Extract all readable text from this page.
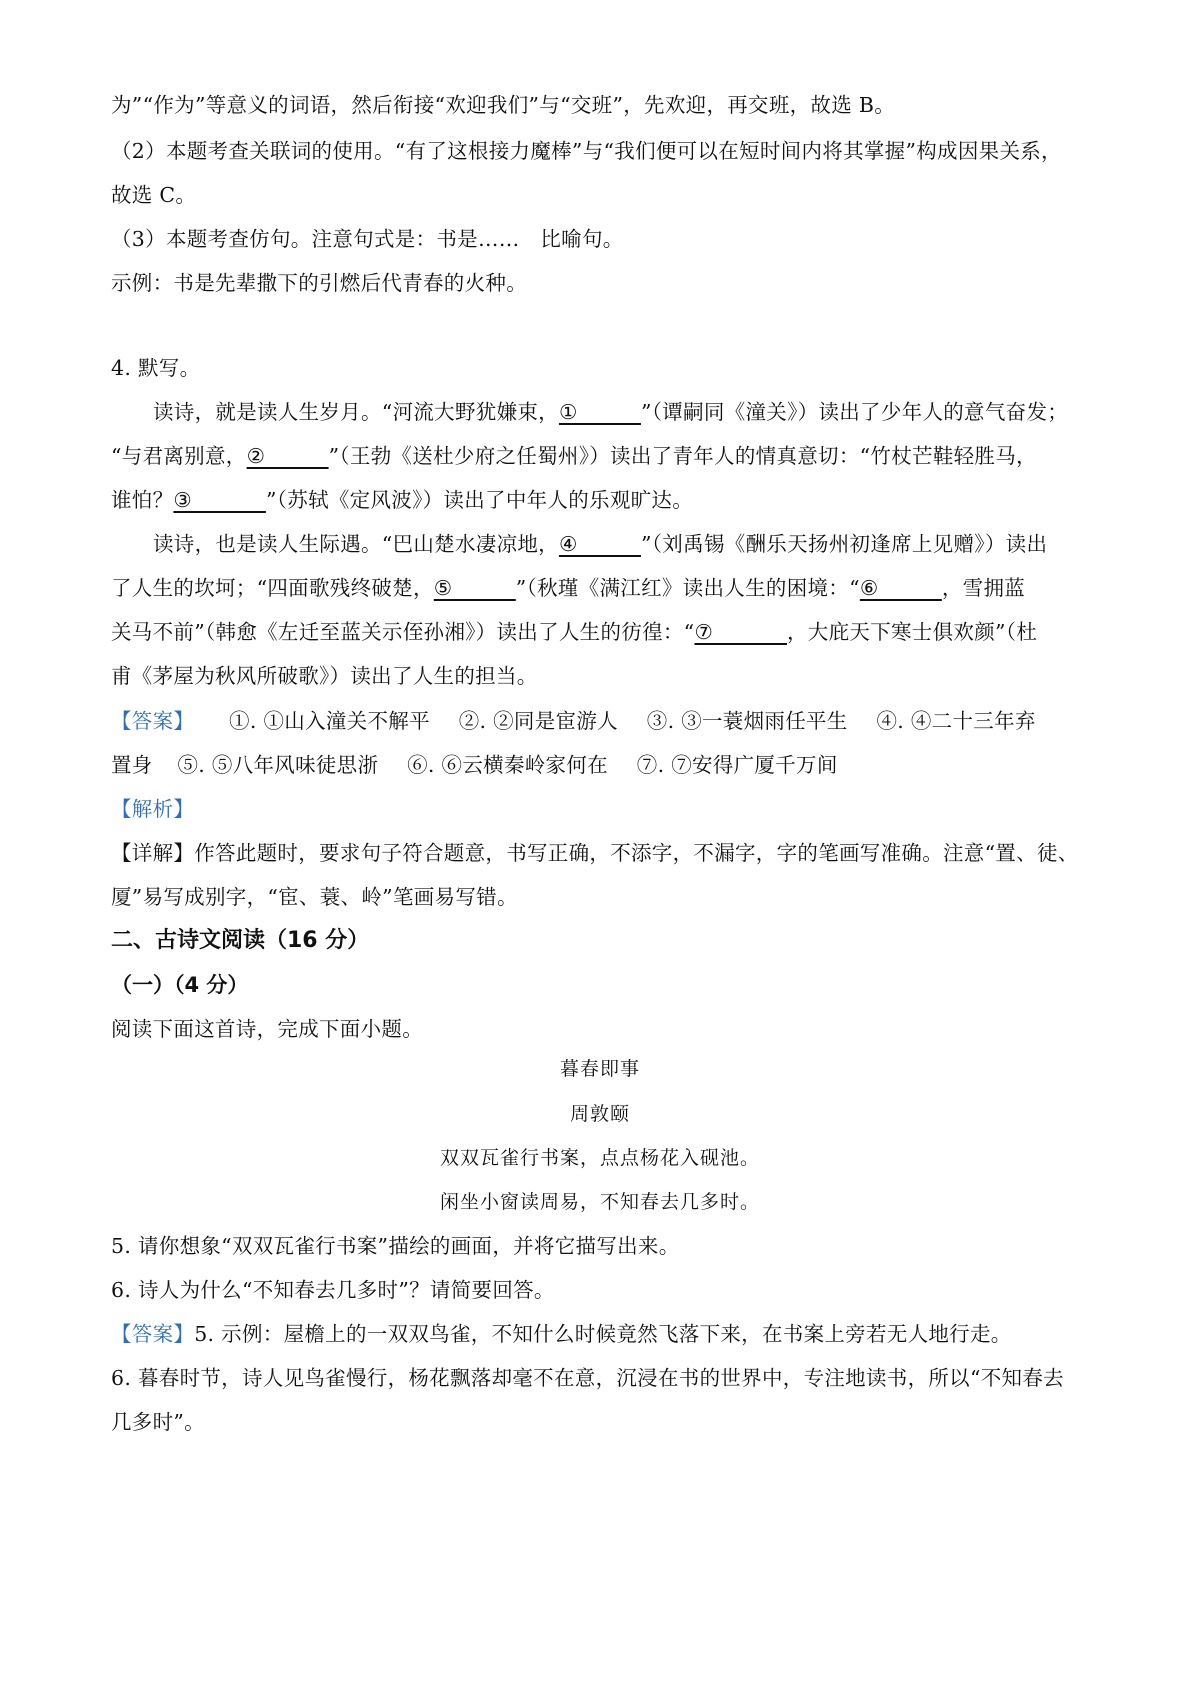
为”“作为”等意义的词语，然后衔接“欢迎我们”与“交班”，先欢迎，再交班，故选 B。
（2）本题考查关联词的使用。“有了这根接力魔棒”与“我们便可以在短时间内将其掌握”构成因果关系，
故选 C。
（3）本题考查仿句。注意句式是：书是……　比喻句。
示例：书是先辈撒下的引燃后代青春的火种。
4. 默写。
读诗，就是读人生岁月。“河流大野犹嫌束，①______”（谭嗣同《潼关》）读出了少年人的意气奋发；
“与君离别意，②______”（王勃《送杜少府之任蜀州》）读出了青年人的情真意切：“竹杖芒鞋轻胜马，
谁怕？③_______”（苏轼《定风波》）读出了中年人的乐观旷达。
读诗，也是读人生际遇。“巴山楚水凄凉地，④______”（刘禹锡《酬乐天扬州初逢席上见赠》）读出
了人生的坎坷；“四面歌残终破楚，⑤______”（秋瑾《满江红》读出人生的困境：“⑥______，雪拥蓝
关马不前”（韩愈《左迁至蓝关示侄孙湘》）读出了人生的彷徨：“⑦_______，大庇天下寒士俱欢颜”（杜
甫《茅屋为秋风所破歌》）读出了人生的担当。
【答案】 ①. ①山入潼关不解平 ②. ②同是宦游人 ③. ③一蓑烟雨任平生 ④. ④二十三年弃
置身 ⑤. ⑤八年风味徒思浙 ⑥. ⑥云横秦岭家何在 ⑦. ⑦安得广厦千万间
【解析】
【详解】作答此题时，要求句子符合题意，书写正确，不添字，不漏字，字的笔画写准确。注意“置、徒、
厦”易写成别字，“宦、蓑、岭”笔画易写错。
二、古诗文阅读（16 分）
（一）（4 分）
阅读下面这首诗，完成下面小题。
暮春即事
周敦颐
双双瓦雀行书案，点点杨花入砚池。
闲坐小窗读周易，不知春去几多时。
5. 请你想象“双双瓦雀行书案”描绘的画面，并将它描写出来。
6. 诗人为什么“不知春去几多时”？请简要回答。
【答案】5. 示例：屋檐上的一双双鸟雀，不知什么时候竟然飞落下来，在书案上旁若无人地行走。
6. 暮春时节，诗人见鸟雀慢行，杨花飘落却毫不在意，沉浸在书的世界中，专注地读书，所以“不知春去
几多时”。
